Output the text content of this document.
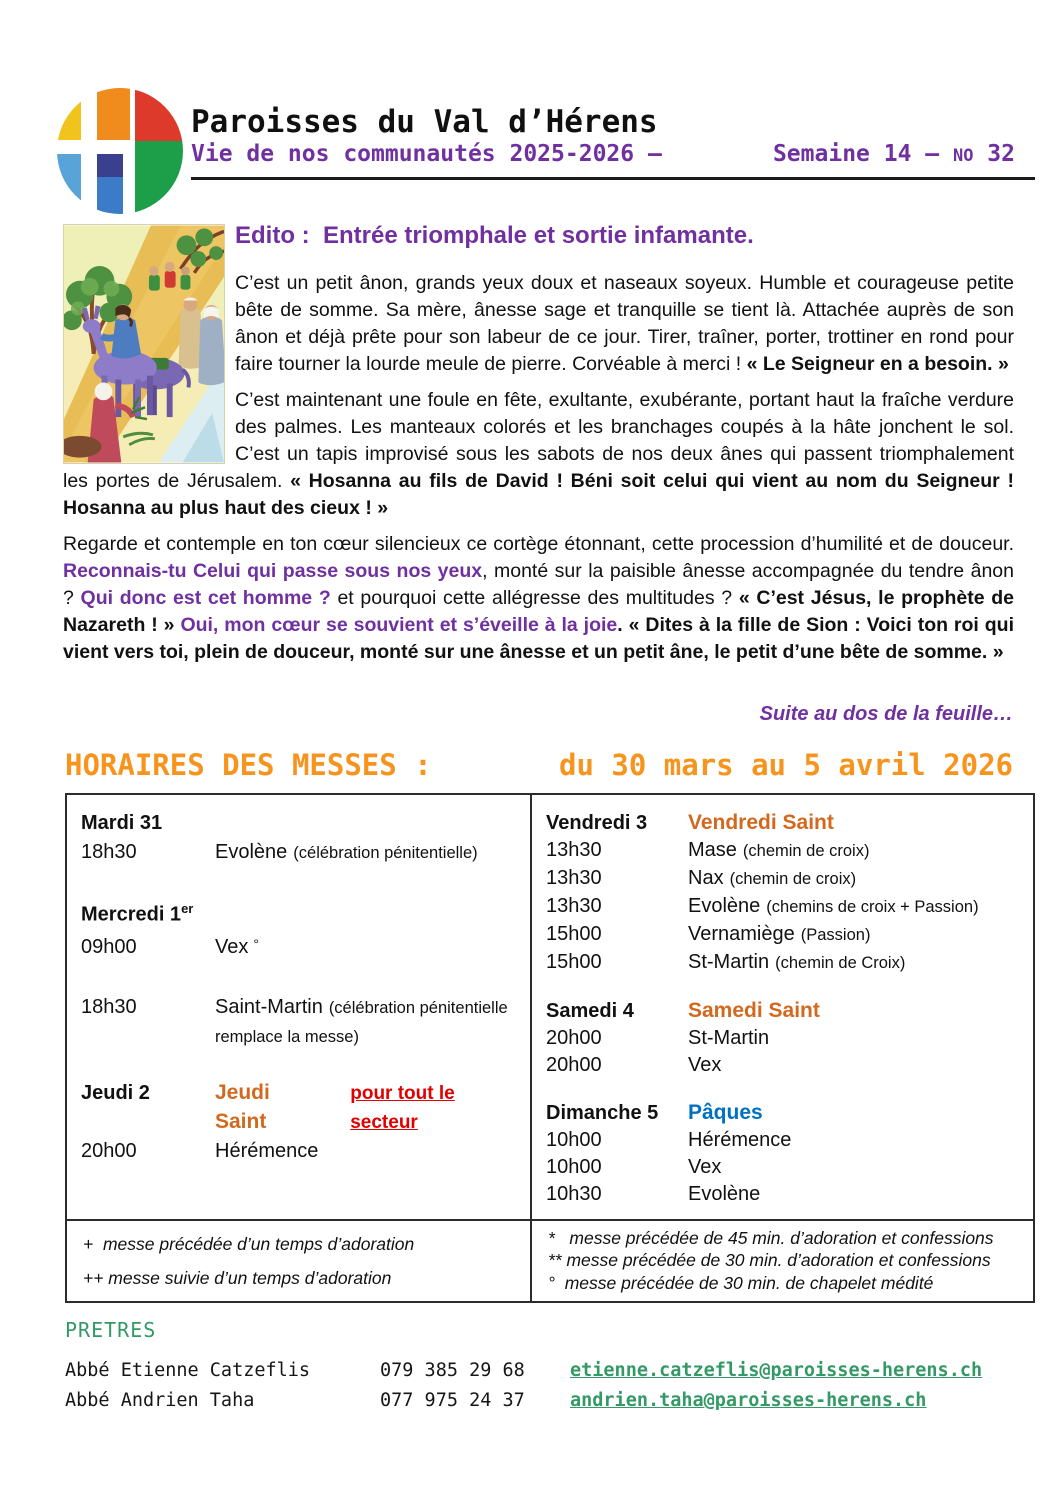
Paroisses du Val d’Hérens
Vie de nos communautés 2025-2026 –	Semaine 14 – NO 32
Edito :  Entrée triomphale et sortie infamante.

C’est un petit ânon, grands yeux doux et naseaux soyeux. Humble et courageuse petite bête de somme. Sa mère, ânesse sage et tranquille se tient là. Attachée auprès de son ânon et déjà prête pour son labeur de ce jour. Tirer, traîner, porter, trottiner en rond pour faire tourner la lourde meule de pierre. Corvéable à merci ! « Le Seigneur en a besoin. »

C’est maintenant une foule en fête, exultante, exubérante, portant haut la fraîche verdure des palmes. Les manteaux colorés et les branchages coupés à la hâte jonchent le sol. C’est un tapis improvisé sous les sabots de nos deux ânes qui passent triomphalement les portes de Jérusalem. « Hosanna au fils de David ! Béni soit celui qui vient au nom du Seigneur ! Hosanna au plus haut des cieux ! »

Regarde et contemple en ton cœur silencieux ce cortège étonnant, cette procession d’humilité et de douceur. Reconnais-tu Celui qui passe sous nos yeux, monté sur la paisible ânesse accompagnée du tendre ânon ? Qui donc est cet homme ? et pourquoi cette allégresse des multitudes ? « C’est Jésus, le prophète de Nazareth ! » Oui, mon cœur se souvient et s’éveille à la joie. « Dites à la fille de Sion : Voici ton roi qui vient vers toi, plein de douceur, monté sur une ânesse et un petit âne, le petit d’une bête de somme. »

Suite au dos de la feuille…
HORAIRES DES MESSES :	du 30 mars au 5 avril 2026
Mardi 31
18h30	Evolène (célébration pénitentielle)
Mercredi 1er
09h00	Vex °
18h30	Saint-Martin (célébration pénitentielle remplace la messe)
Jeudi 2	Jeudi Saint
pour tout le secteur
20h00	Hérémence
Vendredi 3	Vendredi Saint
13h30	Mase (chemin de croix)
13h30	Nax (chemin de croix)
13h30	Evolène (chemins de croix + Passion)
15h00	Vernamiège (Passion)
15h00	St-Martin (chemin de Croix)
Samedi 4	Samedi Saint
20h00	St-Martin
20h00	Vex
Dimanche 5	Pâques
10h00	Hérémence
10h00	Vex
10h30	Evolène
+  messe précédée d’un temps d’adoration
++ messe suivie d’un temps d’adoration
*   messe précédée de 45 min. d’adoration et confessions
** messe précédée de 30 min. d’adoration et confessions
°  messe précédée de 30 min. de chapelet médité
PRETRES
Abbé Etienne Catzeflis	079 385 29 68	etienne.catzeflis@paroisses-herens.ch
Abbé Andrien Taha	077 975 24 37	andrien.taha@paroisses-herens.ch
